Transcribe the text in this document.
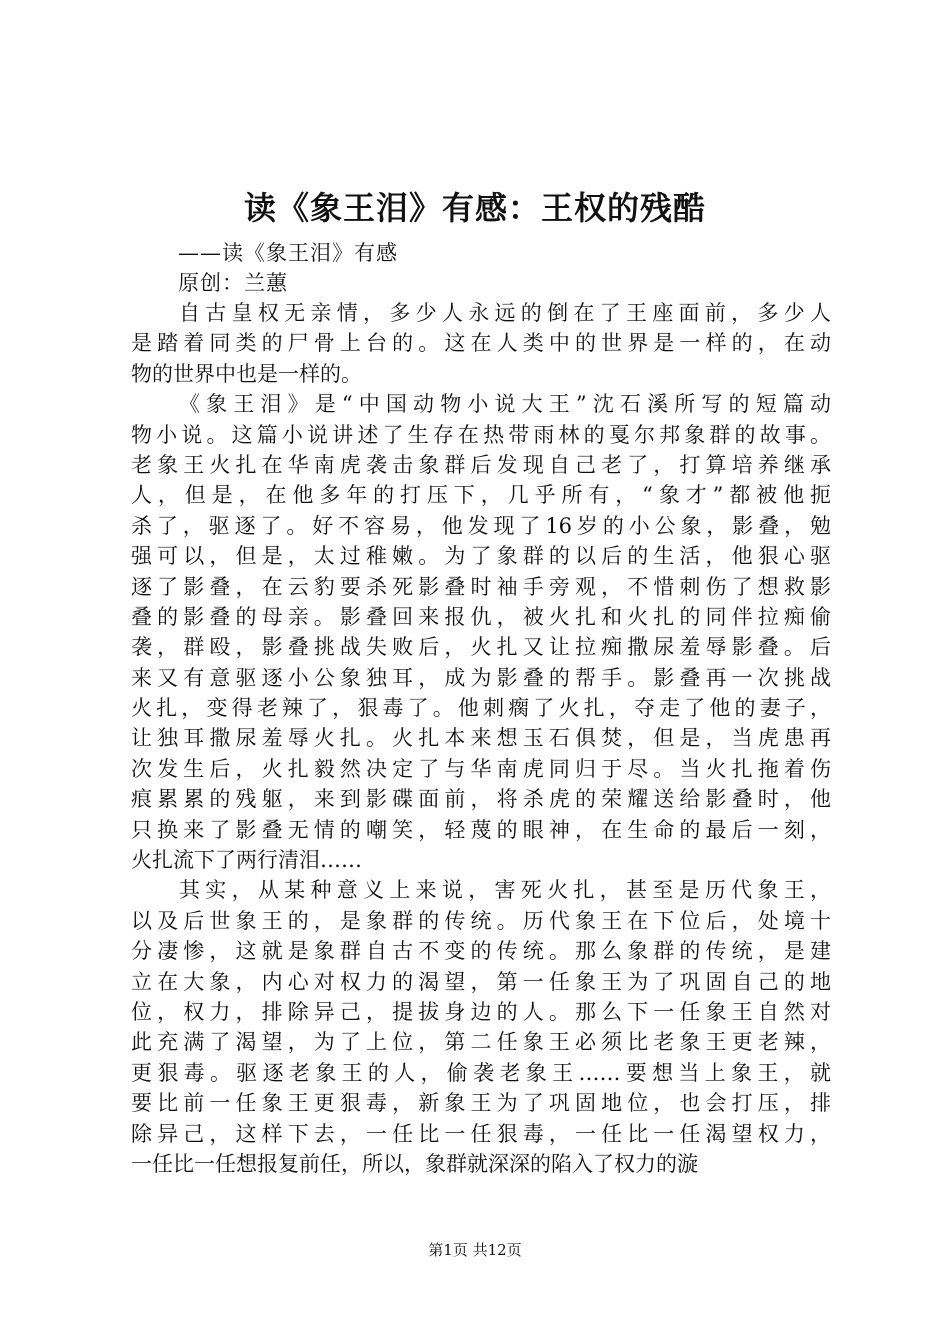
读《象王泪》有感：王权的残酷
——读《象王泪》有感
原创：兰蕙
自古皇权无亲情，多少人永远的倒在了王座面前，多少人
是踏着同类的尸骨上台的。这在人类中的世界是一样的，在动
物的世界中也是一样的。
《象王泪》是“中国动物小说大王”沈石溪所写的短篇动
物小说。这篇小说讲述了生存在热带雨林的戛尔邦象群的故事。
老象王火扎在华南虎袭击象群后发现自己老了，打算培养继承
人，但是，在他多年的打压下，几乎所有，“象才”都被他扼
杀了，驱逐了。好不容易，他发现了16岁的小公象，影叠，勉
强可以，但是，太过稚嫩。为了象群的以后的生活，他狠心驱
逐了影叠，在云豹要杀死影叠时袖手旁观，不惜刺伤了想救影
叠的影叠的母亲。影叠回来报仇，被火扎和火扎的同伴拉痴偷
袭，群殴，影叠挑战失败后，火扎又让拉痴撒尿羞辱影叠。后
来又有意驱逐小公象独耳，成为影叠的帮手。影叠再一次挑战
火扎，变得老辣了，狠毒了。他刺瘸了火扎，夺走了他的妻子，
让独耳撒尿羞辱火扎。火扎本来想玉石俱焚，但是，当虎患再
次发生后，火扎毅然决定了与华南虎同归于尽。当火扎拖着伤
痕累累的残躯，来到影碟面前，将杀虎的荣耀送给影叠时，他
只换来了影叠无情的嘲笑，轻蔑的眼神，在生命的最后一刻，
火扎流下了两行清泪……
其实，从某种意义上来说，害死火扎，甚至是历代象王，
以及后世象王的，是象群的传统。历代象王在下位后，处境十
分凄惨，这就是象群自古不变的传统。那么象群的传统，是建
立在大象，内心对权力的渴望，第一任象王为了巩固自己的地
位，权力，排除异己，提拔身边的人。那么下一任象王自然对
此充满了渴望，为了上位，第二任象王必须比老象王更老辣，
更狠毒。驱逐老象王的人，偷袭老象王……要想当上象王，就
要比前一任象王更狠毒，新象王为了巩固地位，也会打压，排
除异己，这样下去，一任比一任狠毒，一任比一任渴望权力，
一任比一任想报复前任，所以，象群就深深的陷入了权力的漩
第1页 共12页
